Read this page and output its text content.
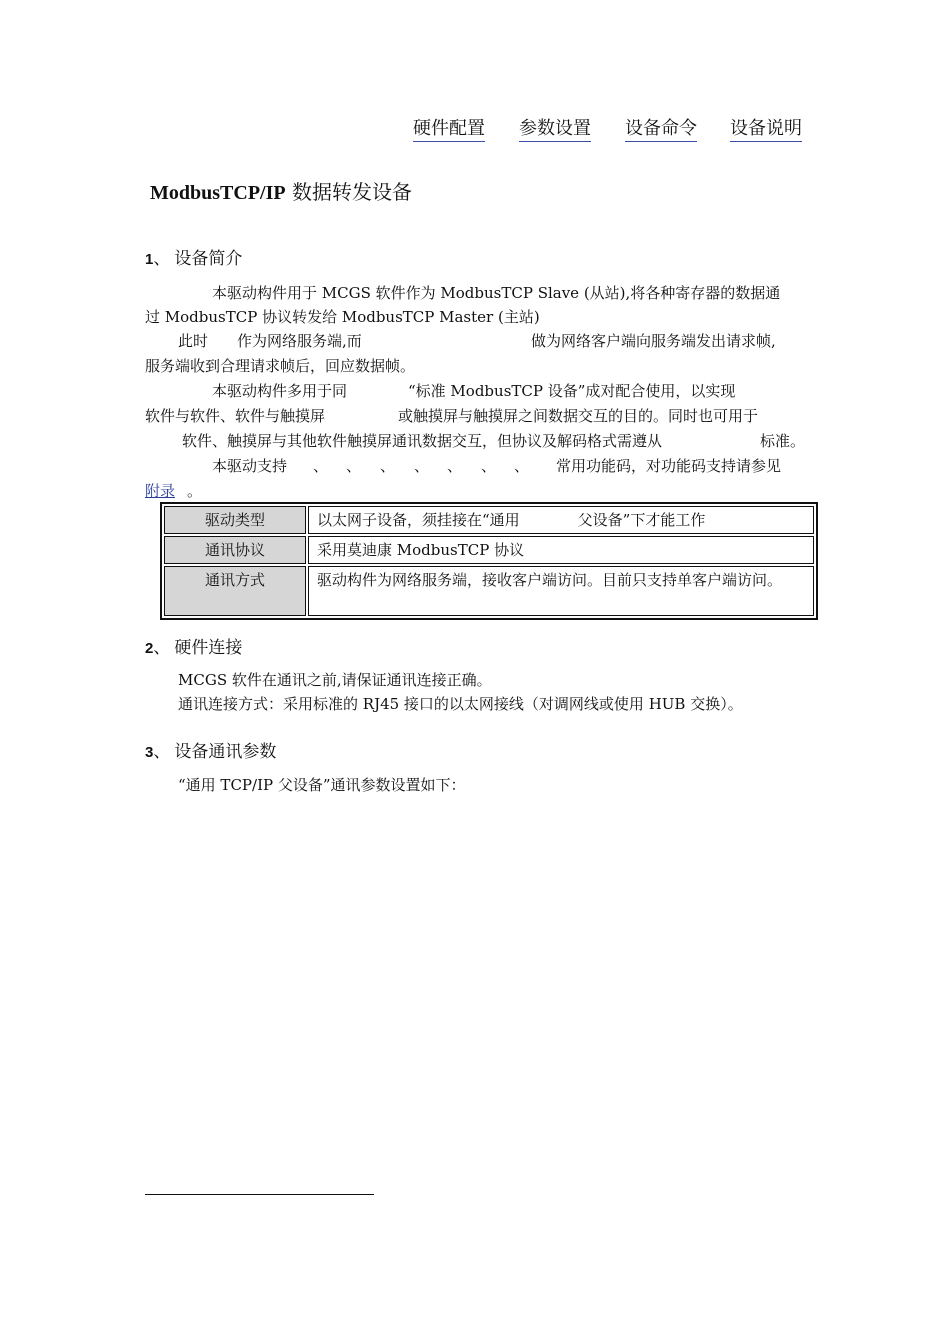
硬件配置 参数设置 设备命令 设备说明
ModbusTCP/IP 数据转发设备
1、 设备简介
本驱动构件用于 MCGS 软件作为 ModbusTCP Slave (从站),将各种寄存器的数据通
过 ModbusTCP 协议转发给 ModbusTCP Master (主站)
此时 作为网络服务端,而	做为网络客户端向服务端发出请求帧,
服务端收到合理请求帧后，回应数据帧。
本驱动构件多用于同	“标准 ModbusTCP 设备”成对配合使用，以实现
软件与软件、软件与触摸屏	或触摸屏与触摸屏之间数据交互的目的。同时也可用于
软件、触摸屏与其他软件触摸屏通讯数据交互，但协议及解码格式需遵从	标准。
本驱动支持 、 、 、 、 、 、 、 常用功能码，对功能码支持请参见
附录 。
驱动类型	以太网子设备，须挂接在“通用 父设备”下才能工作
通讯协议	采用莫迪康 ModbusTCP 协议
通讯方式	驱动构件为网络服务端，接收客户端访问。目前只支持单客户端访问。
2、 硬件连接
MCGS 软件在通讯之前,请保证通讯连接正确。
通讯连接方式：采用标准的 RJ45 接口的以太网接线（对调网线或使用 HUB 交换）。
3、 设备通讯参数
“通用 TCP/IP 父设备”通讯参数设置如下：
